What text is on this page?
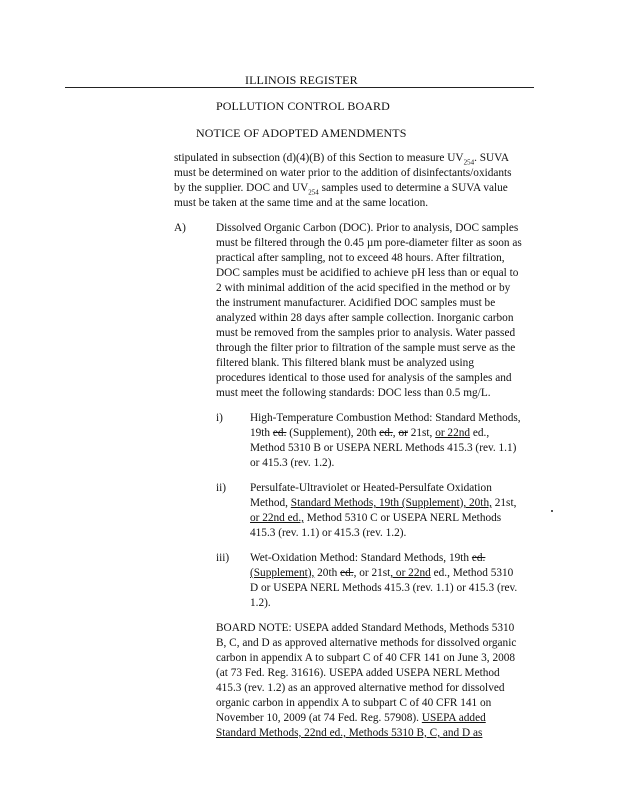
ILLINOIS REGISTER
POLLUTION CONTROL BOARD
NOTICE OF ADOPTED AMENDMENTS
stipulated in subsection (d)(4)(B) of this Section to measure $UV_{254}$. SUVA
must be determined on water prior to the addition of disinfectants/oxidants
by the supplier. DOC and $UV_{254}$ samples used to determine a SUVA value
must be taken at the same time and at the same location.
A)	Dissolved Organic Carbon (DOC). Prior to analysis, DOC samples
must be filtered through the 0.45 µm pore-diameter filter as soon as
practical after sampling, not to exceed 48 hours. After filtration,
DOC samples must be acidified to achieve pH less than or equal to
2 with minimal addition of the acid specified in the method or by
the instrument manufacturer. Acidified DOC samples must be
analyzed within 28 days after sample collection. Inorganic carbon
must be removed from the samples prior to analysis. Water passed
through the filter prior to filtration of the sample must serve as the
filtered blank. This filtered blank must be analyzed using
procedures identical to those used for analysis of the samples and
must meet the following standards: DOC less than 0.5 mg/L.
i) High-Temperature Combustion Method: Standard Methods,
19th ed. (Supplement), 20th ed., or 21st, or 22nd ed.,
Method 5310 B or USEPA NERL Methods 415.3 (rev. 1.1)
or 415.3 (rev. 1.2).
ii) Persulfate-Ultraviolet or Heated-Persulfate Oxidation
Method, Standard Methods, 19th (Supplement), 20th, 21st,
or 22nd ed., Method 5310 C or USEPA NERL Methods
415.3 (rev. 1.1) or 415.3 (rev. 1.2).
iii) Wet-Oxidation Method: Standard Methods, 19th ed.
(Supplement), 20th ed., or 21st, or 22nd ed., Method 5310
D or USEPA NERL Methods 415.3 (rev. 1.1) or 415.3 (rev.
1.2).
BOARD NOTE: USEPA added Standard Methods, Methods 5310
B, C, and D as approved alternative methods for dissolved organic
carbon in appendix A to subpart C of 40 CFR 141 on June 3, 2008
(at 73 Fed. Reg. 31616). USEPA added USEPA NERL Method
415.3 (rev. 1.2) as an approved alternative method for dissolved
organic carbon in appendix A to subpart C of 40 CFR 141 on
November 10, 2009 (at 74 Fed. Reg. 57908). USEPA added
Standard Methods, 22nd ed., Methods 5310 B, C, and D as
